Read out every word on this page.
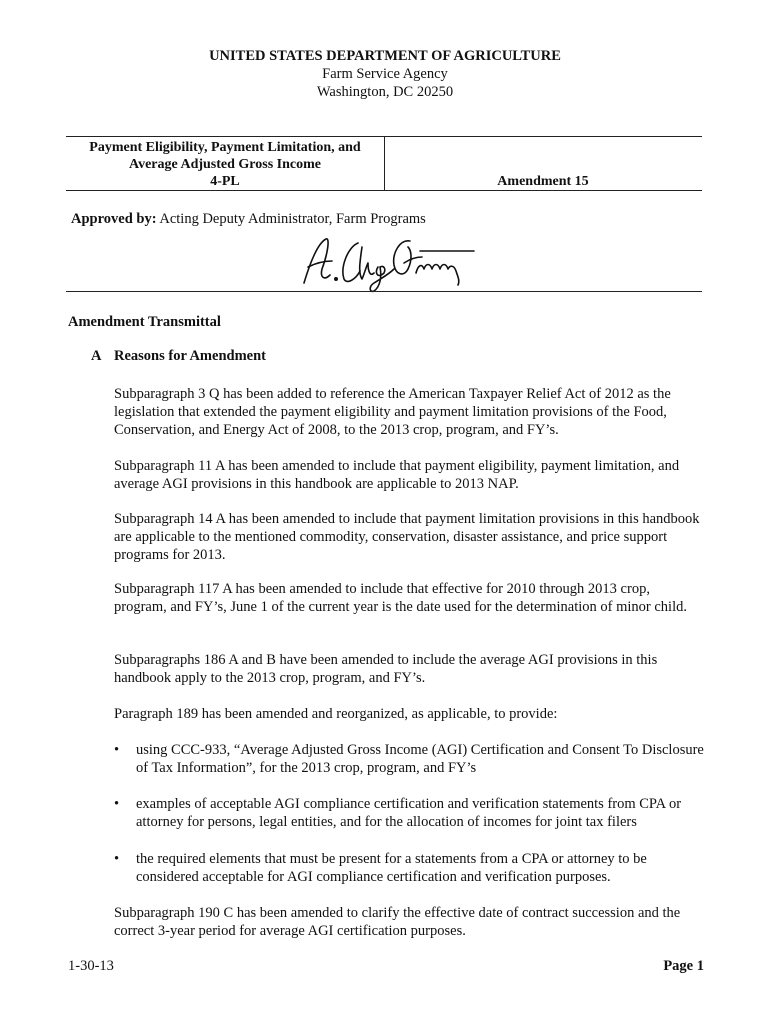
UNITED STATES DEPARTMENT OF AGRICULTURE
Farm Service Agency
Washington, DC 20250
Payment Eligibility, Payment Limitation, and
Average Adjusted Gross Income
4-PL	Amendment 15
Approved by: Acting Deputy Administrator, Farm Programs
Amendment Transmittal
A Reasons for Amendment
Subparagraph 3 Q has been added to reference the American Taxpayer Relief Act of 2012 as the legislation that extended the payment eligibility and payment limitation provisions of the Food, Conservation, and Energy Act of 2008, to the 2013 crop, program, and FY’s.
Subparagraph 11 A has been amended to include that payment eligibility, payment limitation, and average AGI provisions in this handbook are applicable to 2013 NAP.
Subparagraph 14 A has been amended to include that payment limitation provisions in this handbook are applicable to the mentioned commodity, conservation, disaster assistance, and price support programs for 2013.
Subparagraph 117 A has been amended to include that effective for 2010 through 2013 crop, program, and FY’s, June 1 of the current year is the date used for the determination of minor child.
Subparagraphs 186 A and B have been amended to include the average AGI provisions in this handbook apply to the 2013 crop, program, and FY’s.
Paragraph 189 has been amended and reorganized, as applicable, to provide:
• using CCC-933, “Average Adjusted Gross Income (AGI) Certification and Consent To Disclosure of Tax Information”, for the 2013 crop, program, and FY’s
• examples of acceptable AGI compliance certification and verification statements from CPA or attorney for persons, legal entities, and for the allocation of incomes for joint tax filers
• the required elements that must be present for a statements from a CPA or attorney to be considered acceptable for AGI compliance certification and verification purposes.
Subparagraph 190 C has been amended to clarify the effective date of contract succession and the correct 3-year period for average AGI certification purposes.
1-30-13	Page 1
